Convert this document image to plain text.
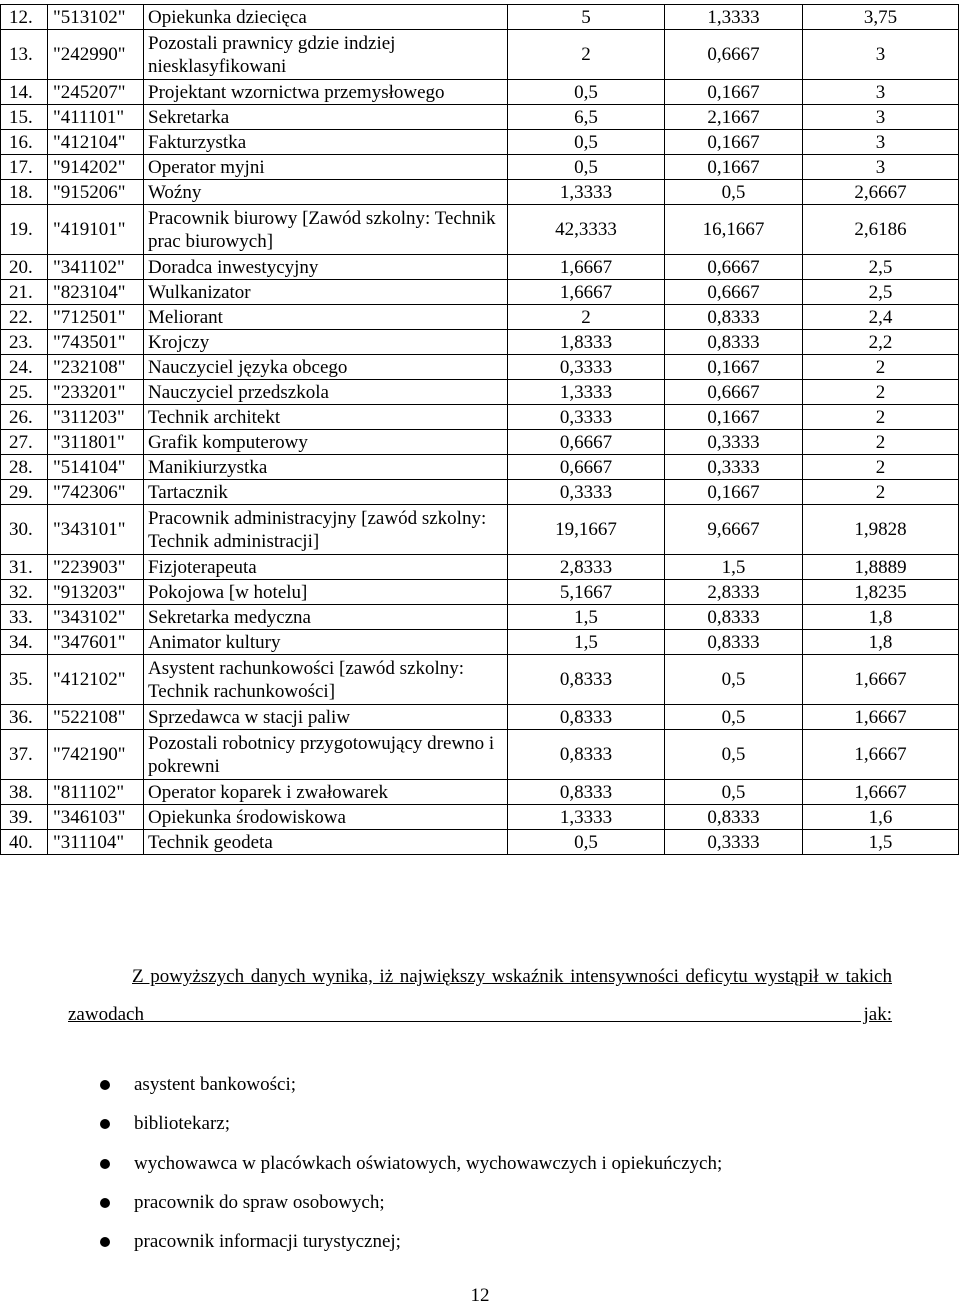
12.	"513102"	Opiekunka dziecięca	5	1,3333	3,75
13.	"242990"	Pozostali prawnicy gdzie indziej niesklasyfikowani	2	0,6667	3
14.	"245207"	Projektant wzornictwa przemysłowego	0,5	0,1667	3
15.	"411101"	Sekretarka	6,5	2,1667	3
16.	"412104"	Fakturzystka	0,5	0,1667	3
17.	"914202"	Operator myjni	0,5	0,1667	3
18.	"915206"	Woźny	1,3333	0,5	2,6667
19.	"419101"	Pracownik biurowy [Zawód szkolny: Technik prac biurowych]	42,3333	16,1667	2,6186
20.	"341102"	Doradca inwestycyjny	1,6667	0,6667	2,5
21.	"823104"	Wulkanizator	1,6667	0,6667	2,5
22.	"712501"	Meliorant	2	0,8333	2,4
23.	"743501"	Krojczy	1,8333	0,8333	2,2
24.	"232108"	Nauczyciel języka obcego	0,3333	0,1667	2
25.	"233201"	Nauczyciel przedszkola	1,3333	0,6667	2
26.	"311203"	Technik architekt	0,3333	0,1667	2
27.	"311801"	Grafik komputerowy	0,6667	0,3333	2
28.	"514104"	Manikiurzystka	0,6667	0,3333	2
29.	"742306"	Tartacznik	0,3333	0,1667	2
30.	"343101"	Pracownik administracyjny [zawód szkolny: Technik administracji]	19,1667	9,6667	1,9828
31.	"223903"	Fizjoterapeuta	2,8333	1,5	1,8889
32.	"913203"	Pokojowa [w hotelu]	5,1667	2,8333	1,8235
33.	"343102"	Sekretarka medyczna	1,5	0,8333	1,8
34.	"347601"	Animator kultury	1,5	0,8333	1,8
35.	"412102"	Asystent rachunkowości [zawód szkolny: Technik rachunkowości]	0,8333	0,5	1,6667
36.	"522108"	Sprzedawca w stacji paliw	0,8333	0,5	1,6667
37.	"742190"	Pozostali robotnicy przygotowujący drewno i pokrewni	0,8333	0,5	1,6667
38.	"811102"	Operator koparek i zwałowarek	0,8333	0,5	1,6667
39.	"346103"	Opiekunka środowiskowa	1,3333	0,8333	1,6
40.	"311104"	Technik geodeta	0,5	0,3333	1,5

Z powyższych danych wynika, iż największy wskaźnik intensywności deficytu wystąpił w takich zawodach jak:

asystent bankowości;
bibliotekarz;
wychowawca w placówkach oświatowych, wychowawczych i opiekuńczych;
pracownik do spraw osobowych;
pracownik informacji turystycznej;
12
